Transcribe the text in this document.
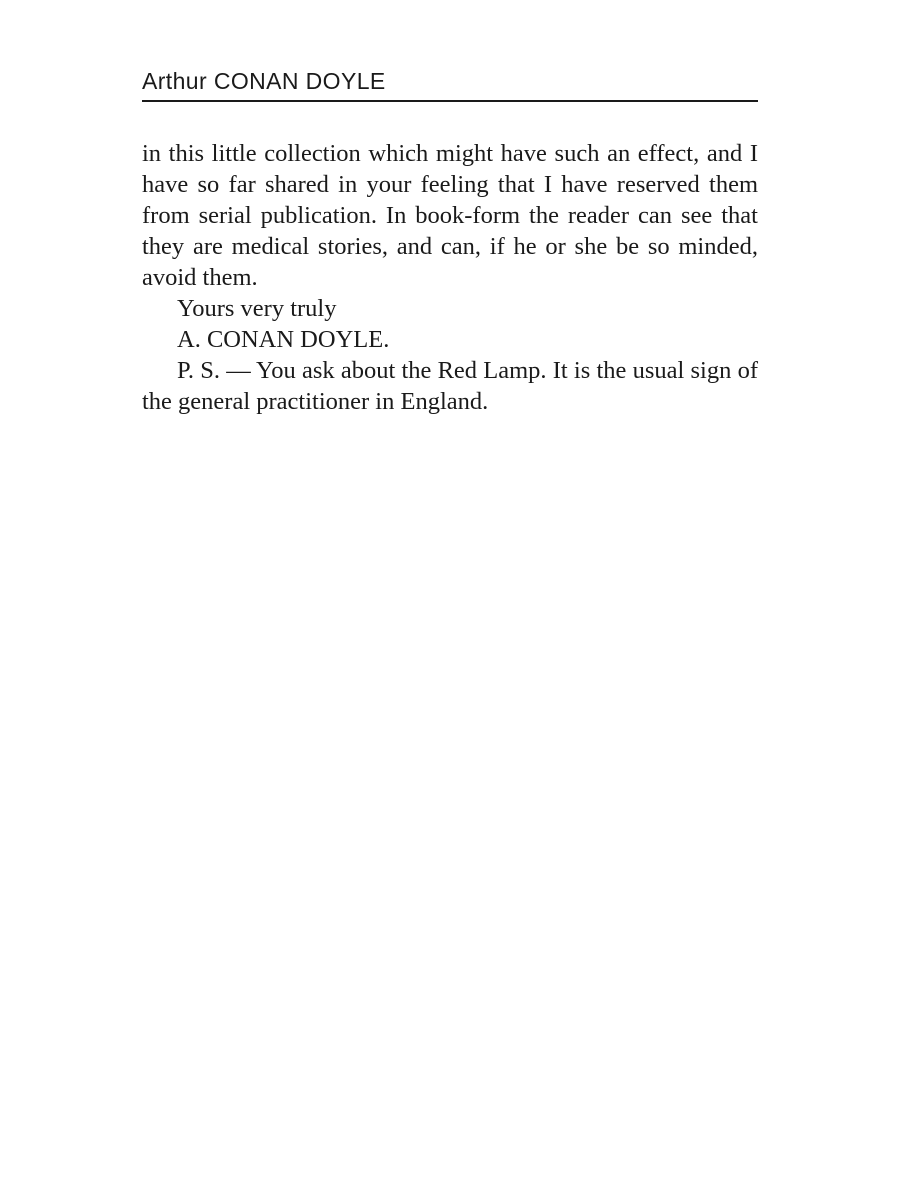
Arthur CONAN DOYLE

in this little collection which might have such an effect, and I have so far shared in your feeling that I have reserved them from serial publication. In book-form the reader can see that they are medical stories, and can, if he or she be so minded, avoid them.

Yours very truly

A. CONAN DOYLE.

P. S. — You ask about the Red Lamp. It is the usual sign of the general practitioner in England.
